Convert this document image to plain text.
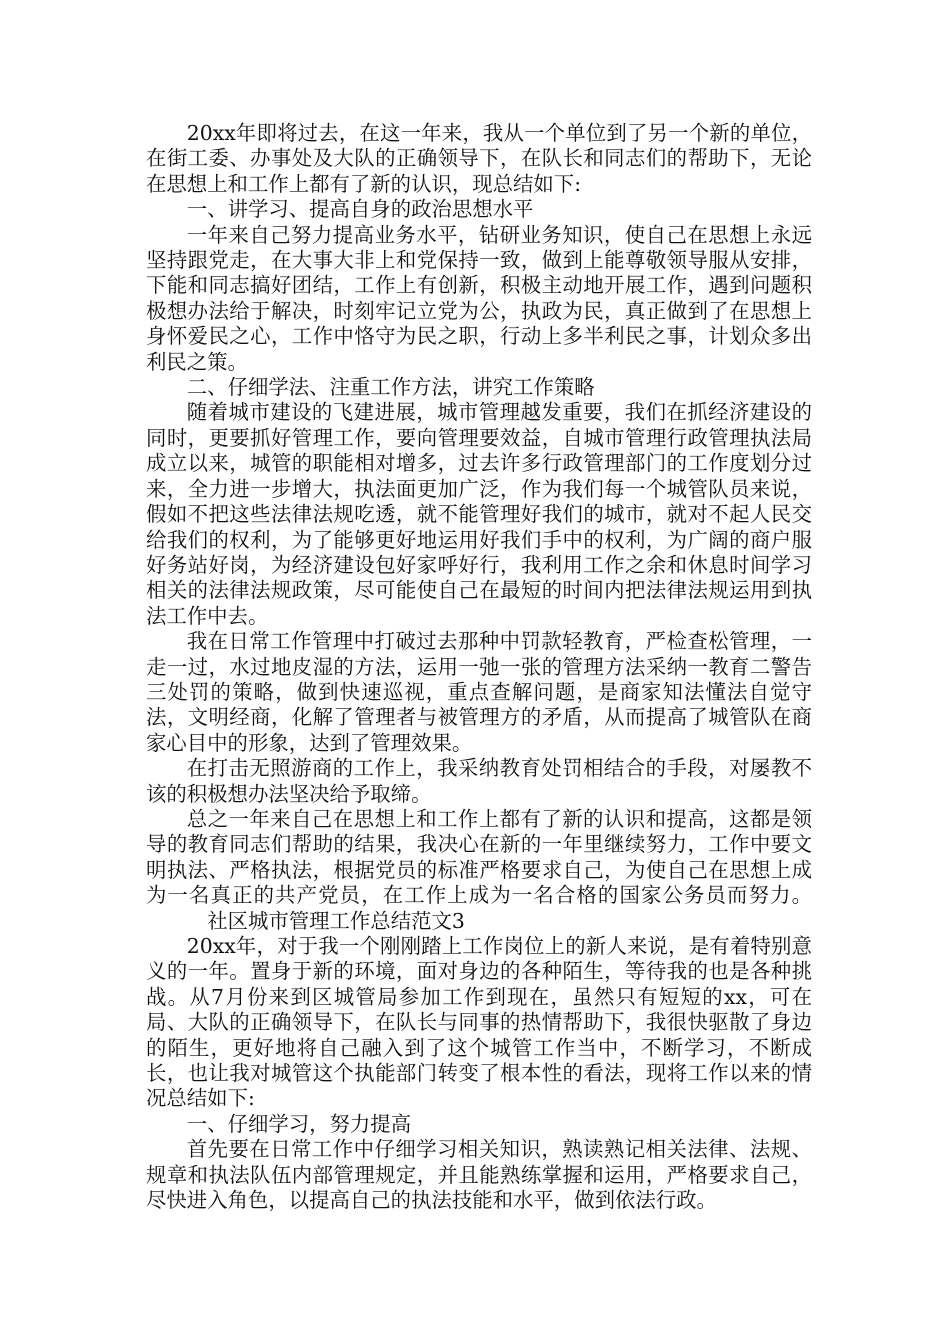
20xx年即将过去，在这一年来，我从一个单位到了另一个新的单位，在街工委、办事处及大队的正确领导下，在队长和同志们的帮助下，无论在思想上和工作上都有了新的认识，现总结如下:

一、讲学习、提高自身的政治思想水平

一年来自己努力提高业务水平，钻研业务知识，使自己在思想上永远坚持跟党走，在大事大非上和党保持一致，做到上能尊敬领导服从安排，下能和同志搞好团结，工作上有创新，积极主动地开展工作，遇到问题积极想办法给于解决，时刻牢记立党为公，执政为民，真正做到了在思想上身怀爱民之心，工作中恪守为民之职，行动上多半利民之事，计划众多出利民之策。

二、仔细学法、注重工作方法，讲究工作策略

随着城市建设的飞建进展，城市管理越发重要，我们在抓经济建设的同时，更要抓好管理工作，要向管理要效益，自城市管理行政管理执法局成立以来，城管的职能相对增多，过去许多行政管理部门的工作度划分过来，全力进一步增大，执法面更加广泛，作为我们每一个城管队员来说，假如不把这些法律法规吃透，就不能管理好我们的城市，就对不起人民交给我们的权利，为了能够更好地运用好我们手中的权利，为广阔的商户服好务站好岗，为经济建设包好家呼好行，我利用工作之余和休息时间学习相关的法律法规政策，尽可能使自己在最短的时间内把法律法规运用到执法工作中去。

我在日常工作管理中打破过去那种中罚款轻教育，严检查松管理，一走一过，水过地皮湿的方法，运用一弛一张的管理方法采纳一教育二警告三处罚的策略，做到快速巡视，重点查解问题，是商家知法懂法自觉守法，文明经商，化解了管理者与被管理方的矛盾，从而提高了城管队在商家心目中的形象，达到了管理效果。

在打击无照游商的工作上，我采纳教育处罚相结合的手段，对屡教不该的积极想办法坚决给予取缔。

总之一年来自己在思想上和工作上都有了新的认识和提高，这都是领导的教育同志们帮助的结果，我决心在新的一年里继续努力，工作中要文明执法、严格执法，根据党员的标准严格要求自己，为使自己在思想上成为一名真正的共产党员，在工作上成为一名合格的国家公务员而努力。社区城市管理工作总结范文3

20xx年，对于我一个刚刚踏上工作岗位上的新人来说，是有着特别意义的一年。置身于新的环境，面对身边的各种陌生，等待我的也是各种挑战。从7月份来到区城管局参加工作到现在，虽然只有短短的xx，可在局、大队的正确领导下，在队长与同事的热情帮助下，我很快驱散了身边的陌生，更好地将自己融入到了这个城管工作当中，不断学习，不断成长，也让我对城管这个执能部门转变了根本性的看法，现将工作以来的情况总结如下:

一、仔细学习，努力提高

首先要在日常工作中仔细学习相关知识，熟读熟记相关法律、法规、规章和执法队伍内部管理规定，并且能熟练掌握和运用，严格要求自己，尽快进入角色，以提高自己的执法技能和水平，做到依法行政。
